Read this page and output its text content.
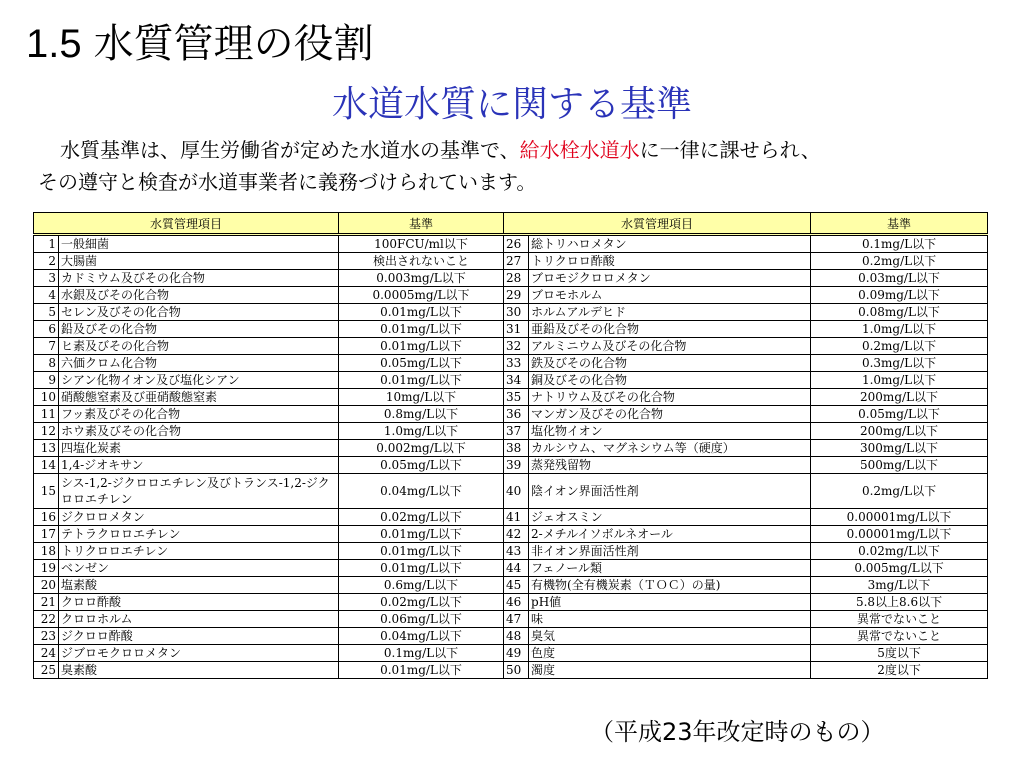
1.5 水質管理の役割
水道水質に関する基準
水質基準は、厚生労働省が定めた水道水の基準で、給水栓水道水に一律に課せられ、
その遵守と検査が水道事業者に義務づけられています。
水質管理項目		基準	水質管理項目		基準
1	一般細菌	100FCU/ml以下	26	総トリハロメタン	0.1mg/L以下
2	大腸菌	検出されないこと	27	トリクロロ酢酸	0.2mg/L以下
3	カドミウム及びその化合物	0.003mg/L以下	28	ブロモジクロロメタン	0.03mg/L以下
4	水銀及びその化合物	0.0005mg/L以下	29	ブロモホルム	0.09mg/L以下
5	セレン及びその化合物	0.01mg/L以下	30	ホルムアルデヒド	0.08mg/L以下
6	鉛及びその化合物	0.01mg/L以下	31	亜鉛及びその化合物	1.0mg/L以下
7	ヒ素及びその化合物	0.01mg/L以下	32	アルミニウム及びその化合物	0.2mg/L以下
8	六価クロム化合物	0.05mg/L以下	33	鉄及びその化合物	0.3mg/L以下
9	シアン化物イオン及び塩化シアン	0.01mg/L以下	34	銅及びその化合物	1.0mg/L以下
10	硝酸態窒素及び亜硝酸態窒素	10mg/L以下	35	ナトリウム及びその化合物	200mg/L以下
11	フッ素及びその化合物	0.8mg/L以下	36	マンガン及びその化合物	0.05mg/L以下
12	ホウ素及びその化合物	1.0mg/L以下	37	塩化物イオン	200mg/L以下
13	四塩化炭素	0.002mg/L以下	38	カルシウム、マグネシウム等（硬度）	300mg/L以下
14	1,4-ジオキサン	0.05mg/L以下	39	蒸発残留物	500mg/L以下
15	シス-1,2-ジクロロエチレン及びトランス-1,2-ジクロロエチレン	0.04mg/L以下	40	陰イオン界面活性剤	0.2mg/L以下
16	ジクロロメタン	0.02mg/L以下	41	ジェオスミン	0.00001mg/L以下
17	テトラクロロエチレン	0.01mg/L以下	42	2-メチルイソボルネオール	0.00001mg/L以下
18	トリクロロエチレン	0.01mg/L以下	43	非イオン界面活性剤	0.02mg/L以下
19	ベンゼン	0.01mg/L以下	44	フェノール類	0.005mg/L以下
20	塩素酸	0.6mg/L以下	45	有機物(全有機炭素（ＴＯＣ）の量)	3mg/L以下
21	クロロ酢酸	0.02mg/L以下	46	pH値	5.8以上8.6以下
22	クロロホルム	0.06mg/L以下	47	味	異常でないこと
23	ジクロロ酢酸	0.04mg/L以下	48	臭気	異常でないこと
24	ジブロモクロロメタン	0.1mg/L以下	49	色度	5度以下
25	臭素酸	0.01mg/L以下	50	濁度	2度以下
（平成23年改定時のもの）
